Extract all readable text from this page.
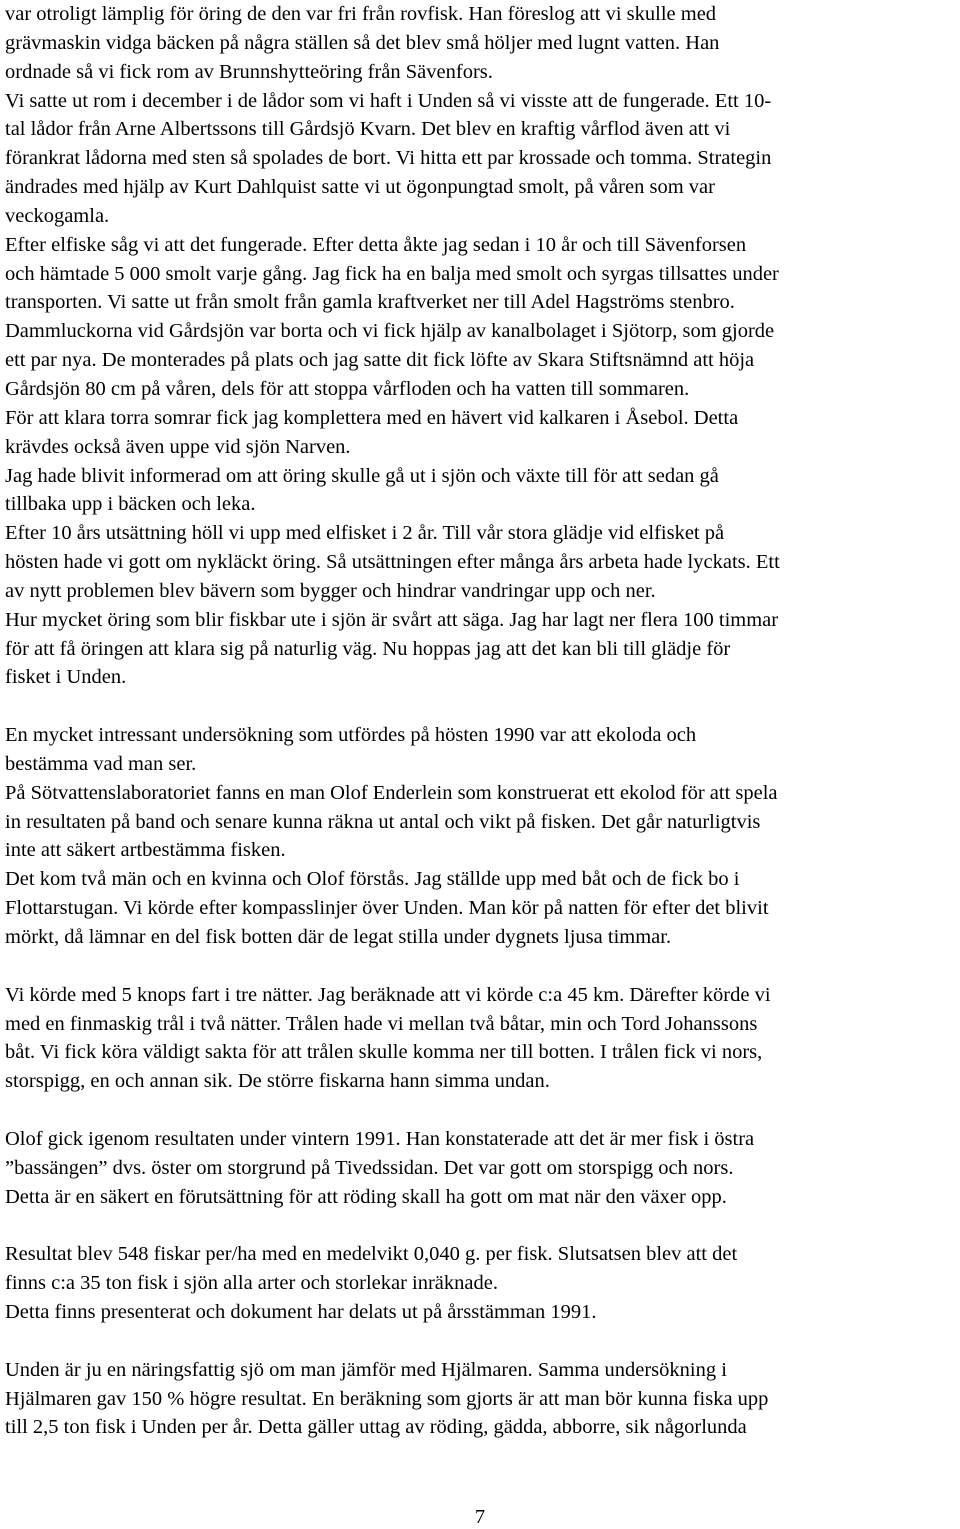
var otroligt lämplig för öring de den var fri från rovfisk. Han föreslog att vi skulle med
grävmaskin vidga bäcken på några ställen så det blev små höljer med lugnt vatten. Han
ordnade så vi fick rom av Brunnshytteöring från Sävenfors.
Vi satte ut rom i december i de lådor som vi haft i Unden så vi visste att de fungerade. Ett 10-
tal lådor från Arne Albertssons till Gårdsjö Kvarn. Det blev en kraftig vårflod även att vi
förankrat lådorna med sten så spolades de bort. Vi hitta ett par krossade och tomma. Strategin
ändrades med hjälp av Kurt Dahlquist satte vi ut ögonpungtad smolt, på våren som var
veckogamla.
Efter elfiske såg vi att det fungerade. Efter detta åkte jag sedan i 10 år och till Sävenforsen
och hämtade 5 000 smolt varje gång. Jag fick ha en balja med smolt och syrgas tillsattes under
transporten. Vi satte ut från smolt från gamla kraftverket ner till Adel Hagströms stenbro.
Dammluckorna vid Gårdsjön var borta och vi fick hjälp av kanalbolaget i Sjötorp, som gjorde
ett par nya. De monterades på plats och jag satte dit fick löfte av Skara Stiftsnämnd att höja
Gårdsjön 80 cm på våren, dels för att stoppa vårfloden och ha vatten till sommaren.
För att klara torra somrar fick jag komplettera med en hävert vid kalkaren i Åsebol. Detta
krävdes också även uppe vid sjön Narven.
Jag hade blivit informerad om att öring skulle gå ut i sjön och växte till för att sedan gå
tillbaka upp i bäcken och leka.
Efter 10 års utsättning höll vi upp med elfisket i 2 år. Till vår stora glädje vid elfisket på
hösten hade vi gott om nykläckt öring. Så utsättningen efter många års arbeta hade lyckats. Ett
av nytt problemen blev bävern som bygger och hindrar vandringar upp och ner.
Hur mycket öring som blir fiskbar ute i sjön är svårt att säga. Jag har lagt ner flera 100 timmar
för att få öringen att klara sig på naturlig väg. Nu hoppas jag att det kan bli till glädje för
fisket i Unden.
En mycket intressant undersökning som utfördes på hösten 1990 var att ekoloda och
bestämma vad man ser.
På Sötvattenslaboratoriet fanns en man Olof Enderlein som konstruerat ett ekolod för att spela
in resultaten på band och senare kunna räkna ut antal och vikt på fisken. Det går naturligtvis
inte att säkert artbestämma fisken.
Det kom två män och en kvinna och Olof förstås. Jag ställde upp med båt och de fick bo i
Flottarstugan. Vi körde efter kompasslinjer över Unden. Man kör på natten för efter det blivit
mörkt, då lämnar en del fisk botten där de legat stilla under dygnets ljusa timmar.
Vi körde med 5 knops fart i tre nätter. Jag beräknade att vi körde c:a 45 km. Därefter körde vi
med en finmaskig trål i två nätter. Trålen hade vi mellan två båtar, min och Tord Johanssons
båt. Vi fick köra väldigt sakta för att trålen skulle komma ner till botten. I trålen fick vi nors,
storspigg, en och annan sik. De större fiskarna hann simma undan.
Olof gick igenom resultaten under vintern 1991. Han konstaterade att det är mer fisk i östra
”bassängen” dvs. öster om storgrund på Tivedssidan. Det var gott om storspigg och nors.
Detta är en säkert en förutsättning för att röding skall ha gott om mat när den växer opp.
Resultat blev 548 fiskar per/ha med en medelvikt 0,040 g. per fisk. Slutsatsen blev att det
finns c:a 35 ton fisk i sjön alla arter och storlekar inräknade.
Detta finns presenterat och dokument har delats ut på årsstämman 1991.
Unden är ju en näringsfattig sjö om man jämför med Hjälmaren. Samma undersökning i
Hjälmaren gav 150 % högre resultat. En beräkning som gjorts är att man bör kunna fiska upp
till 2,5 ton fisk i Unden per år. Detta gäller uttag av röding, gädda, abborre, sik någorlunda
7
